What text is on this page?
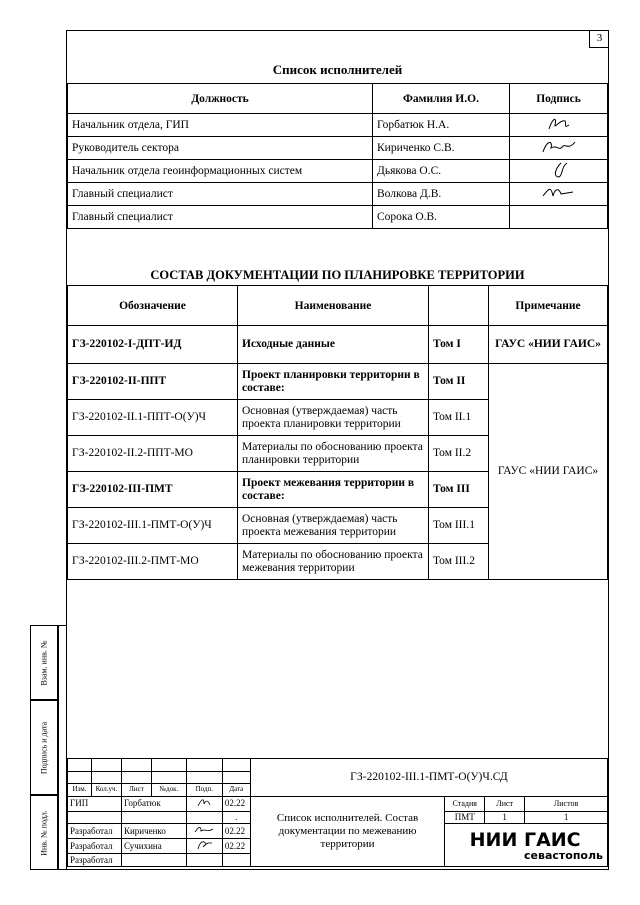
3
Список исполнителей
Должность	Фамилия И.О.	Подпись
Начальник отдела, ГИП	Горбатюк Н.А.	
Руководитель сектора	Кириченко С.В.	
Начальник отдела геоинформационных систем	Дьякова О.С.	
Главный специалист	Волкова Д.В.	
Главный специалист	Сорока О.В.	
СОСТАВ ДОКУМЕНТАЦИИ ПО ПЛАНИРОВКЕ ТЕРРИТОРИИ
Обозначение	Наименование		Примечание
ГЗ-220102-I-ДПТ-ИД	Исходные данные	Том I	ГАУС «НИИ ГАИС»
ГЗ-220102-II-ППТ	Проект планировки территории в составе:	Том II	ГАУС «НИИ ГАИС»
ГЗ-220102-II.1-ППТ-О(У)Ч	Основная (утверждаемая) часть проекта планировки территории	Том II.1	
ГЗ-220102-II.2-ППТ-МО	Материалы по обоснованию проекта планировки территории	Том II.2	
ГЗ-220102-III-ПМТ	Проект межевания территории в составе:	Том III	
ГЗ-220102-III.1-ПМТ-О(У)Ч	Основная (утверждаемая) часть проекта межевания территории	Том III.1	
ГЗ-220102-III.2-ПМТ-МО	Материалы по обоснованию проекта межевания территории	Том III.2	
Взам. инв. №
Подпись и дата
Инв. № подл.
						ГЗ-220102-III.1-ПМТ-О(У)Ч.СД			

Изм.	Кол.уч.	Лист	№док.	Подп.	Дата				
ГИП		Горбатюк			02.22	Список исполнителей. Состав документации по межеванию территории	Стадия	Лист	Листов
					.		ПМТ	1	1
Разработал		Кириченко			02.22		НИИ ГАИС
севастополь		

Разработал		Сучихина			02.22				
Разработал									
